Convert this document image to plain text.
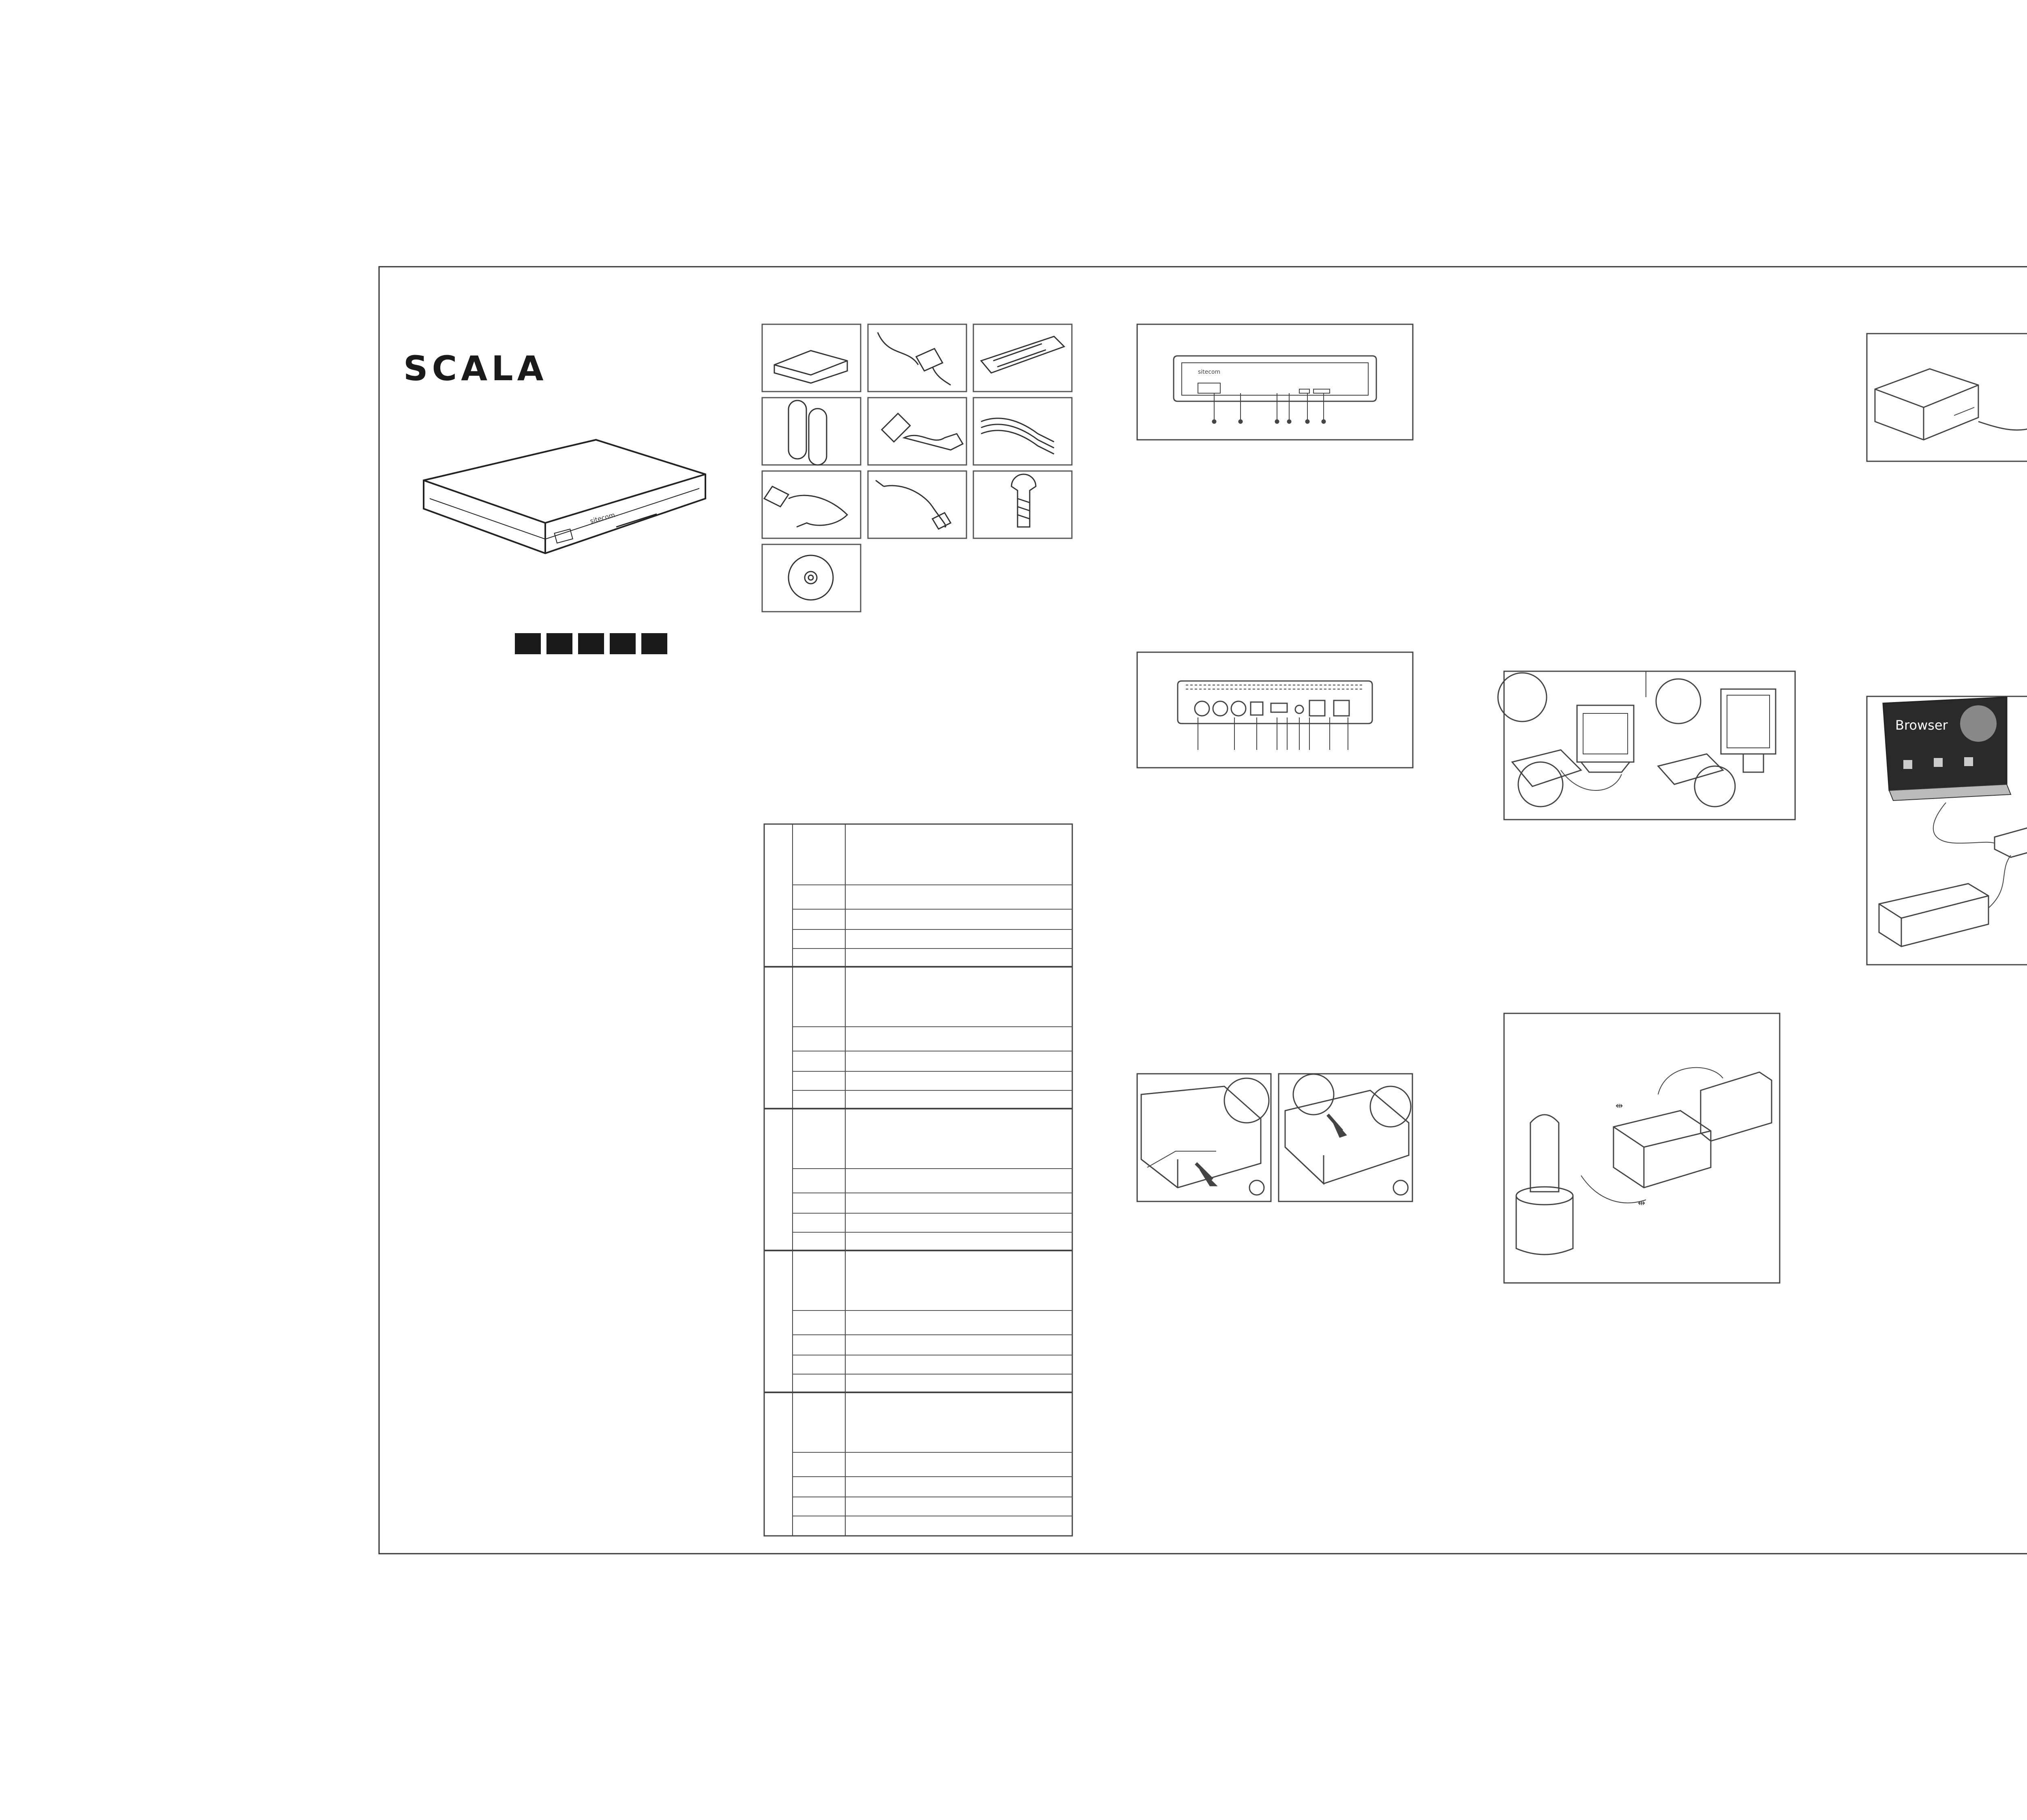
SCALA
sitecom
sitecom
⇹
⇹
Browser
